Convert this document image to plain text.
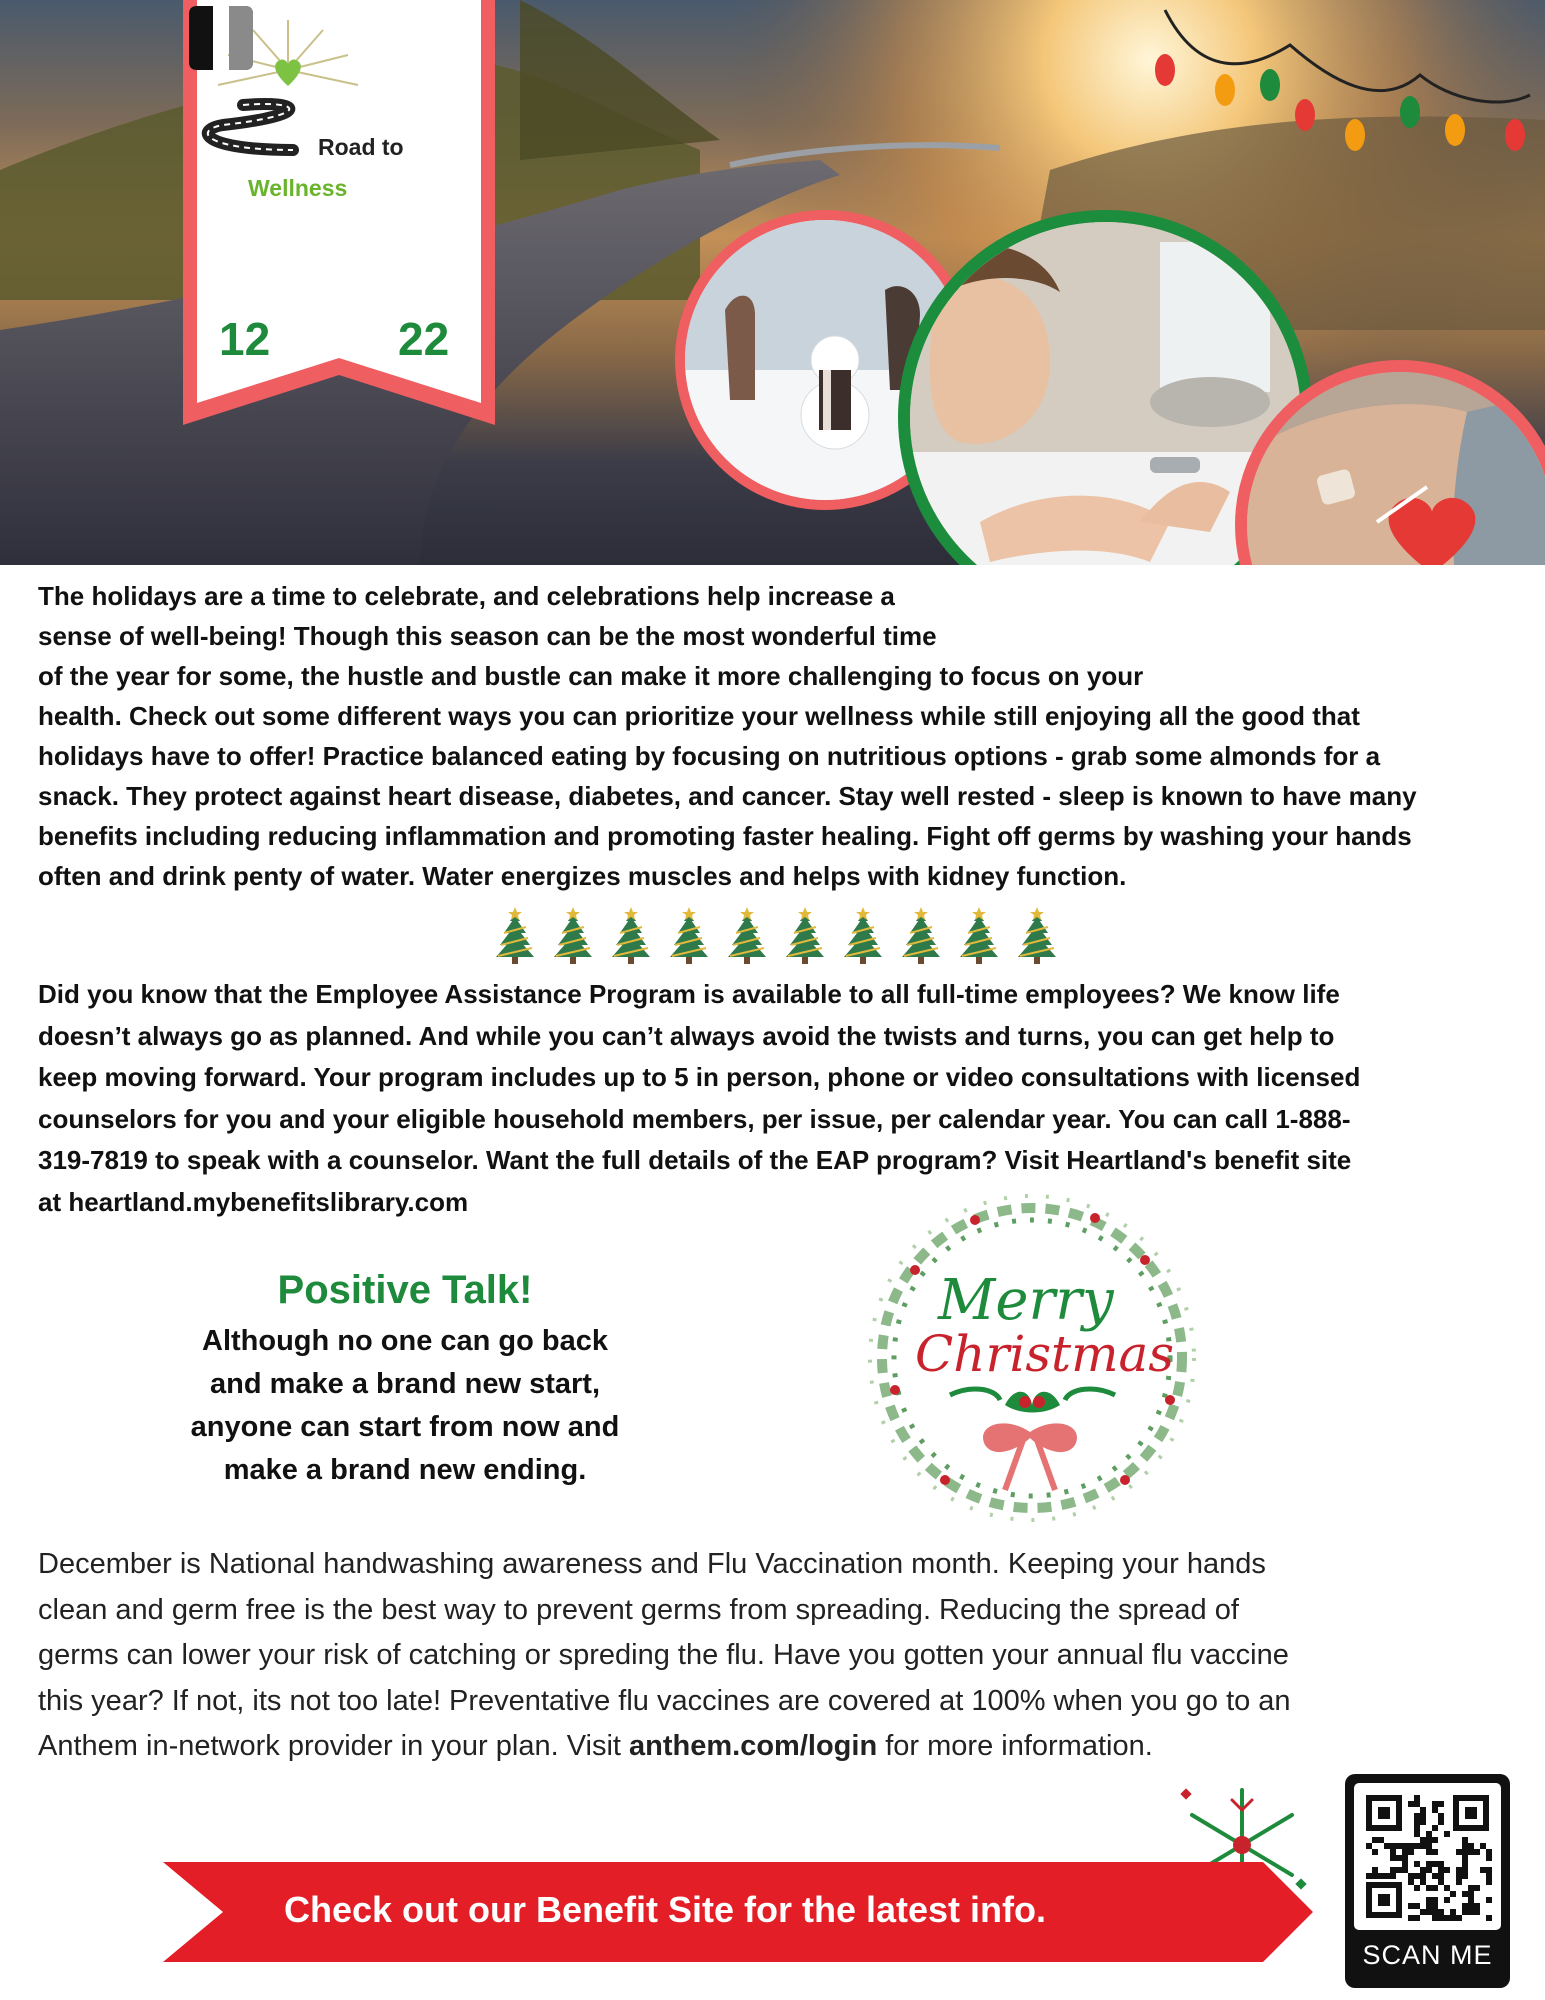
Road to
Wellness
12	22

The holidays are a time to celebrate, and celebrations help increase a
sense of well-being! Though this season can be the most wonderful time
of the year for some, the hustle and bustle can make it more challenging to focus on your
health. Check out some different ways you can prioritize your wellness while still enjoying all the good that
holidays have to offer! Practice balanced eating by focusing on nutritious options - grab some almonds for a
snack. They protect against heart disease, diabetes, and cancer. Stay well rested - sleep is known to have many
benefits including reducing inflammation and promoting faster healing. Fight off germs by washing your hands
often and drink penty of water. Water energizes muscles and helps with kidney function.

Did you know that the Employee Assistance Program is available to all full-time employees? We know life
doesn’t always go as planned. And while you can’t always avoid the twists and turns, you can get help to
keep moving forward. Your program includes up to 5 in person, phone or video consultations with licensed
counselors for you and your eligible household members, per issue, per calendar year. You can call 1-888-
319-7819 to speak with a counselor. Want the full details of the EAP program? Visit Heartland's benefit site
at heartland.mybenefitslibrary.com

Positive Talk!
Although no one can go back
and make a brand new start,
anyone can start from now and
make a brand new ending.
Merry
Christmas

December is National handwashing awareness and Flu Vaccination month. Keeping your hands
clean and germ free is the best way to prevent germs from spreading. Reducing the spread of
germs can lower your risk of catching or spreding the flu. Have you gotten your annual flu vaccine
this year? If not, its not too late! Preventative flu vaccines are covered at 100% when you go to an
Anthem in-network provider in your plan. Visit anthem.com/login for more information.

Check out our Benefit Site for the latest info.
SCAN ME
